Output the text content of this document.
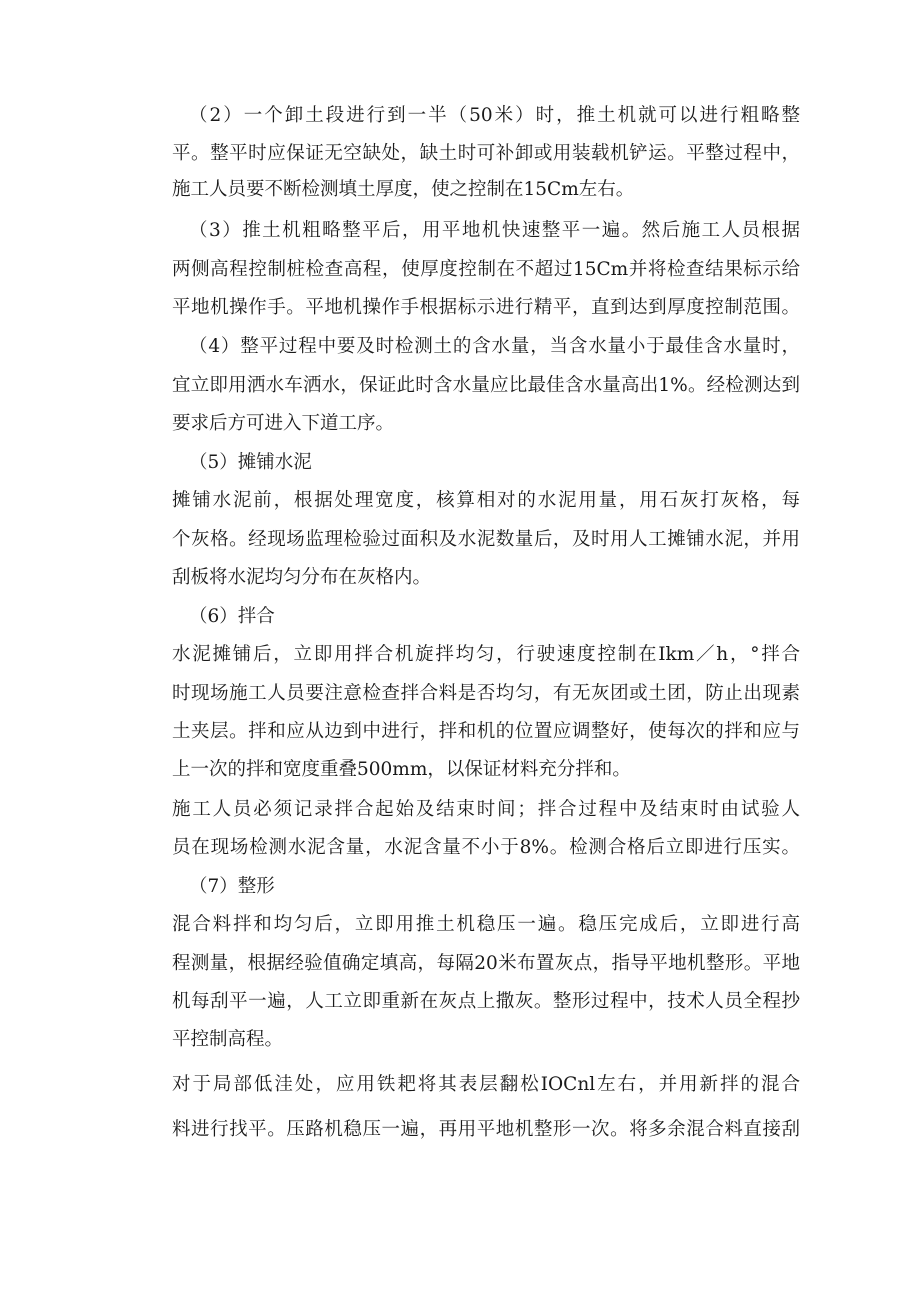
（2）一个卸土段进行到一半（50米）时，推土机就可以进行粗略整
平。整平时应保证无空缺处，缺土时可补卸或用装载机铲运。平整过程中，
施工人员要不断检测填土厚度，使之控制在15Cm左右。
（3）推土机粗略整平后，用平地机快速整平一遍。然后施工人员根据
两侧高程控制桩检查高程，使厚度控制在不超过15Cm并将检查结果标示给
平地机操作手。平地机操作手根据标示进行精平，直到达到厚度控制范围。
（4）整平过程中要及时检测土的含水量，当含水量小于最佳含水量时，
宜立即用洒水车洒水，保证此时含水量应比最佳含水量高出1%。经检测达到
要求后方可进入下道工序。
（5）摊铺水泥
摊铺水泥前，根据处理宽度，核算相对的水泥用量，用石灰打灰格，每
个灰格。经现场监理检验过面积及水泥数量后，及时用人工摊铺水泥，并用
刮板将水泥均匀分布在灰格内。
（6）拌合
水泥摊铺后，立即用拌合机旋拌均匀，行驶速度控制在Ikm／h，°拌合
时现场施工人员要注意检查拌合料是否均匀，有无灰团或土团，防止出现素
土夹层。拌和应从边到中进行，拌和机的位置应调整好，使每次的拌和应与
上一次的拌和宽度重叠500mm，以保证材料充分拌和。
施工人员必须记录拌合起始及结束时间；拌合过程中及结束时由试验人
员在现场检测水泥含量，水泥含量不小于8%。检测合格后立即进行压实。
（7）整形
混合料拌和均匀后，立即用推土机稳压一遍。稳压完成后，立即进行高
程测量，根据经验值确定填高，每隔20米布置灰点，指导平地机整形。平地
机每刮平一遍，人工立即重新在灰点上撒灰。整形过程中，技术人员全程抄
平控制高程。
对于局部低洼处，应用铁耙将其表层翻松IOCnl左右，并用新拌的混合
料进行找平。压路机稳压一遍，再用平地机整形一次。将多余混合料直接刮
